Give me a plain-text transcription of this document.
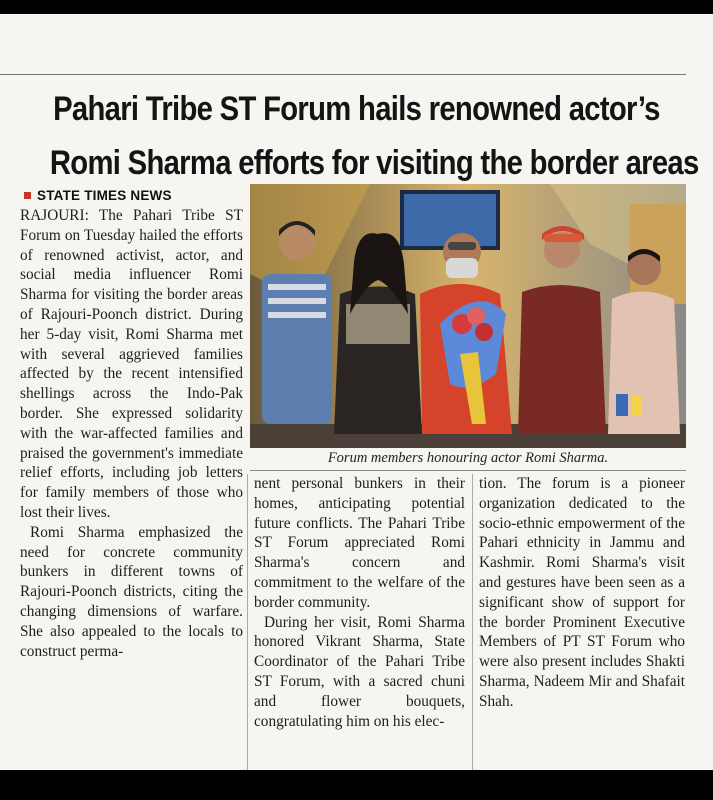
Pahari Tribe ST Forum hails renowned actor’s
Romi Sharma efforts for visiting the border areas
STATE TIMES NEWS

RAJOURI: The Pahari Tribe ST Forum on Tuesday hailed the efforts of renowned activist, actor, and social media influencer Romi Sharma for visiting the border areas of Rajouri-Poonch district. During her 5-day visit, Romi Sharma met with several aggrieved families affected by the recent intensified shellings across the Indo-Pak border. She expressed solidarity with the war-affected families and praised the government's immediate relief efforts, including job letters for family members of those who lost their lives.

Romi Sharma emphasized the need for concrete community bunkers in different towns of Rajouri-Poonch districts, citing the changing dimensions of warfare. She also appealed to the locals to construct perma-

Forum members honouring actor Romi Sharma.

nent personal bunkers in their homes, anticipating potential future conflicts. The Pahari Tribe ST Forum appreciated Romi Sharma's concern and commitment to the welfare of the border community.

During her visit, Romi Sharma honored Vikrant Sharma, State Coordinator of the Pahari Tribe ST Forum, with a sacred chuni and flower bouquets, congratulating him on his elec-

tion. The forum is a pioneer organization dedicated to the socio-ethnic empowerment of the Pahari ethnicity in Jammu and Kashmir. Romi Sharma's visit and gestures have been seen as a significant show of support for the border Prominent Executive Members of PT ST Forum who were also present includes Shakti Sharma, Nadeem Mir and Shafait Shah.
